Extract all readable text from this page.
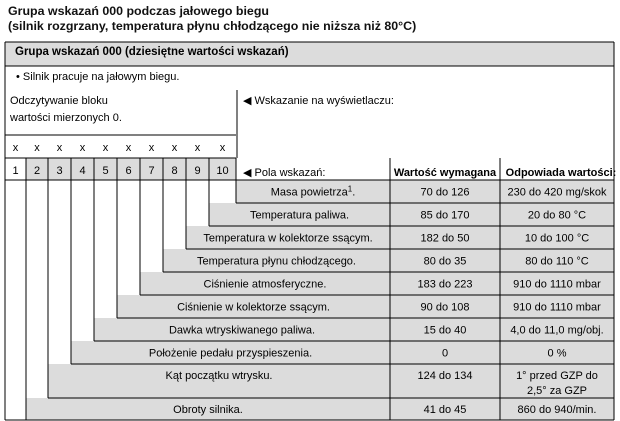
Grupa wskazań 000 podczas jałowego biegu
(silnik rozgrzany, temperatura płynu chłodzącego nie niższa niż 80°C)
Grupa wskazań 000 (dziesiętne wartości wskazań)
• Silnik pracuje na jałowym biegu.
Odczytywanie bloku
wartości mierzonych 0.
◀ Wskazanie na wyświetlaczu:
x x x x x x x x x x
1 2 3 4 5 6 7 8 9 10 ◀ Pola wskazań:	Wartość wymagana Odpowiada wartości:
Masa powietrza$^1$.	70 do 126	230 do 420 mg/skok
Temperatura paliwa.	85 do 170	20 do 80 °C
Temperatura w kolektorze ssącym.	182 do 50	10 do 100 °C
Temperatura płynu chłodzącego.	80 do 35	80 do 110 °C
Ciśnienie atmosferyczne.	183 do 223	910 do 1110 mbar
Ciśnienie w kolektorze ssącym.	90 do 108	910 do 1110 mbar
Dawka wtryskiwanego paliwa.	15 do 40	4,0 do 11,0 mg/obj.
Położenie pedału przyspieszenia.	0	0 %
Kąt początku wtrysku.	124 do 134	1° przed GZP do
2,5° za GZP
Obroty silnika.	41 do 45	860 do 940/min.
